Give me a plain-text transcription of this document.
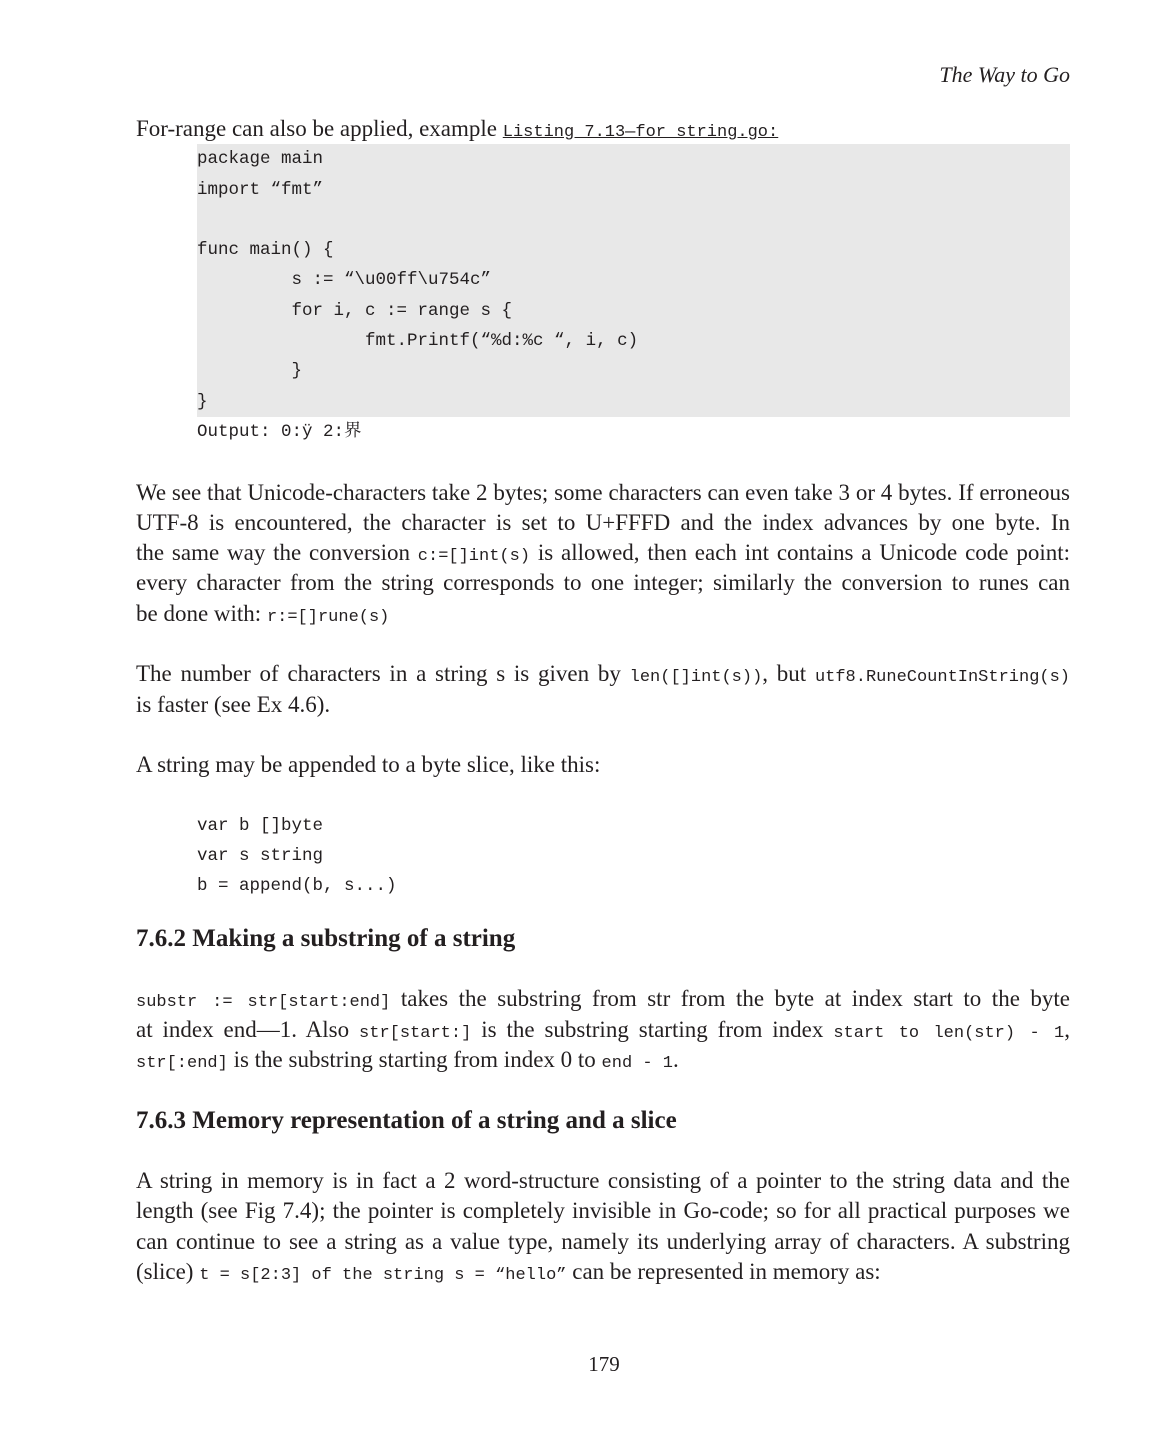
The Way to Go
For-range can also be applied, example Listing 7.13—for_string.go:
package main
import “fmt”
func main() {
s := “\u00ff\u754c”
for i, c := range s {
fmt.Printf(“%d:%c “, i, c)
}
}
Output: 0:ÿ 2:界
We see that Unicode-characters take 2 bytes; some characters can even take 3 or 4 bytes. If erroneous
UTF-8 is encountered, the character is set to U+FFFD and the index advances by one byte. In
the same way the conversion c:=[]int(s) is allowed, then each int contains a Unicode code point:
every character from the string corresponds to one integer; similarly the conversion to runes can
be done with: r:=[]rune(s)
The number of characters in a string s is given by len([]int(s)), but utf8.RuneCountInString(s)
is faster (see Ex 4.6).
A string may be appended to a byte slice, like this:
var b []byte
var s string
b = append(b, s...)
7.6.2 Making a substring of a string
substr := str[start:end] takes the substring from str from the byte at index start to the byte
at index end—1. Also str[start:] is the substring starting from index start to len(str) - 1,
str[:end] is the substring starting from index 0 to end - 1.
7.6.3 Memory representation of a string and a slice
A string in memory is in fact a 2 word-structure consisting of a pointer to the string data and the
length (see Fig 7.4); the pointer is completely invisible in Go-code; so for all practical purposes we
can continue to see a string as a value type, namely its underlying array of characters. A substring
(slice) t = s[2:3] of the string s = “hello” can be represented in memory as:
179
